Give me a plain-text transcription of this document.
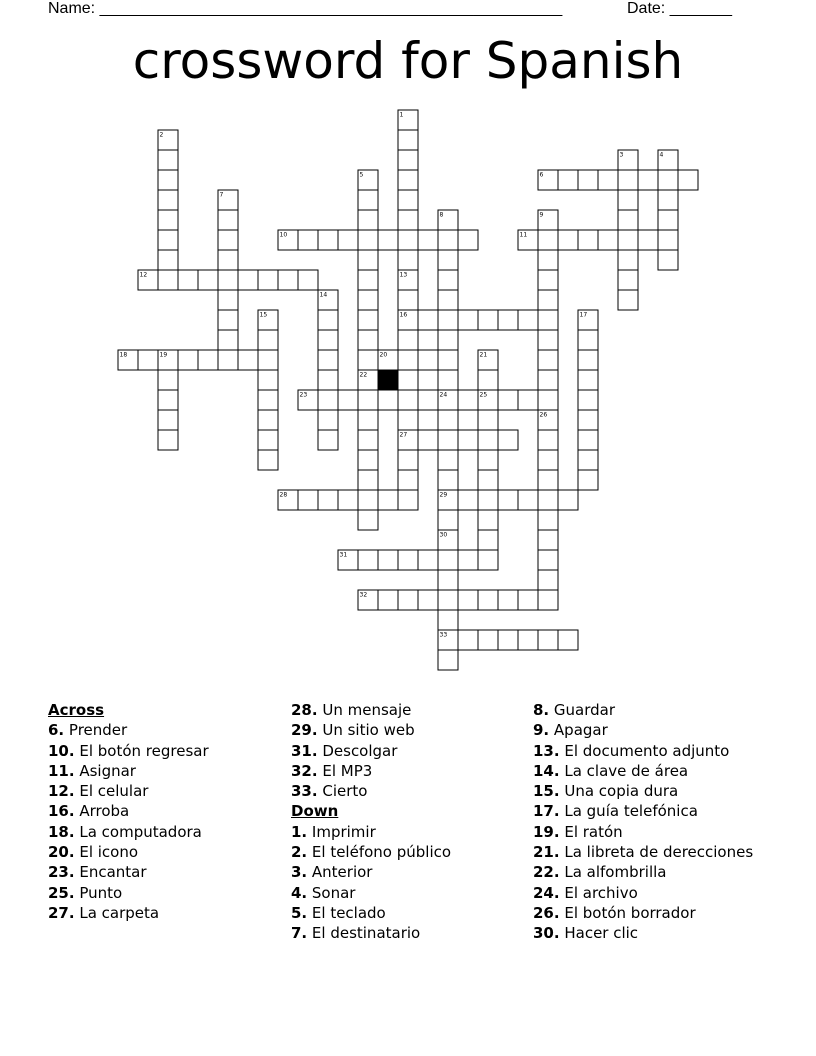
Name: ____________________________________________________	Date: _______
crossword for Spanish
1
2
3	4
5	6
7
8	9
10	11
12	13
14
15	16	17
18	19	20	21
22
23	24	25
26
27
28	29
30
31
32
33
Across
6. Prender
10. El botón regresar
11. Asignar
12. El celular
16. Arroba
18. La computadora
20. El icono
23. Encantar
25. Punto
27. La carpeta
28. Un mensaje
29. Un sitio web
31. Descolgar
32. El MP3
33. Cierto
Down
1. Imprimir
2. El teléfono público
3. Anterior
4. Sonar
5. El teclado
7. El destinatario
8. Guardar
9. Apagar
13. El documento adjunto
14. La clave de área
15. Una copia dura
17. La guía telefónica
19. El ratón
21. La libreta de derecciones
22. La alfombrilla
24. El archivo
26. El botón borrador
30. Hacer clic
